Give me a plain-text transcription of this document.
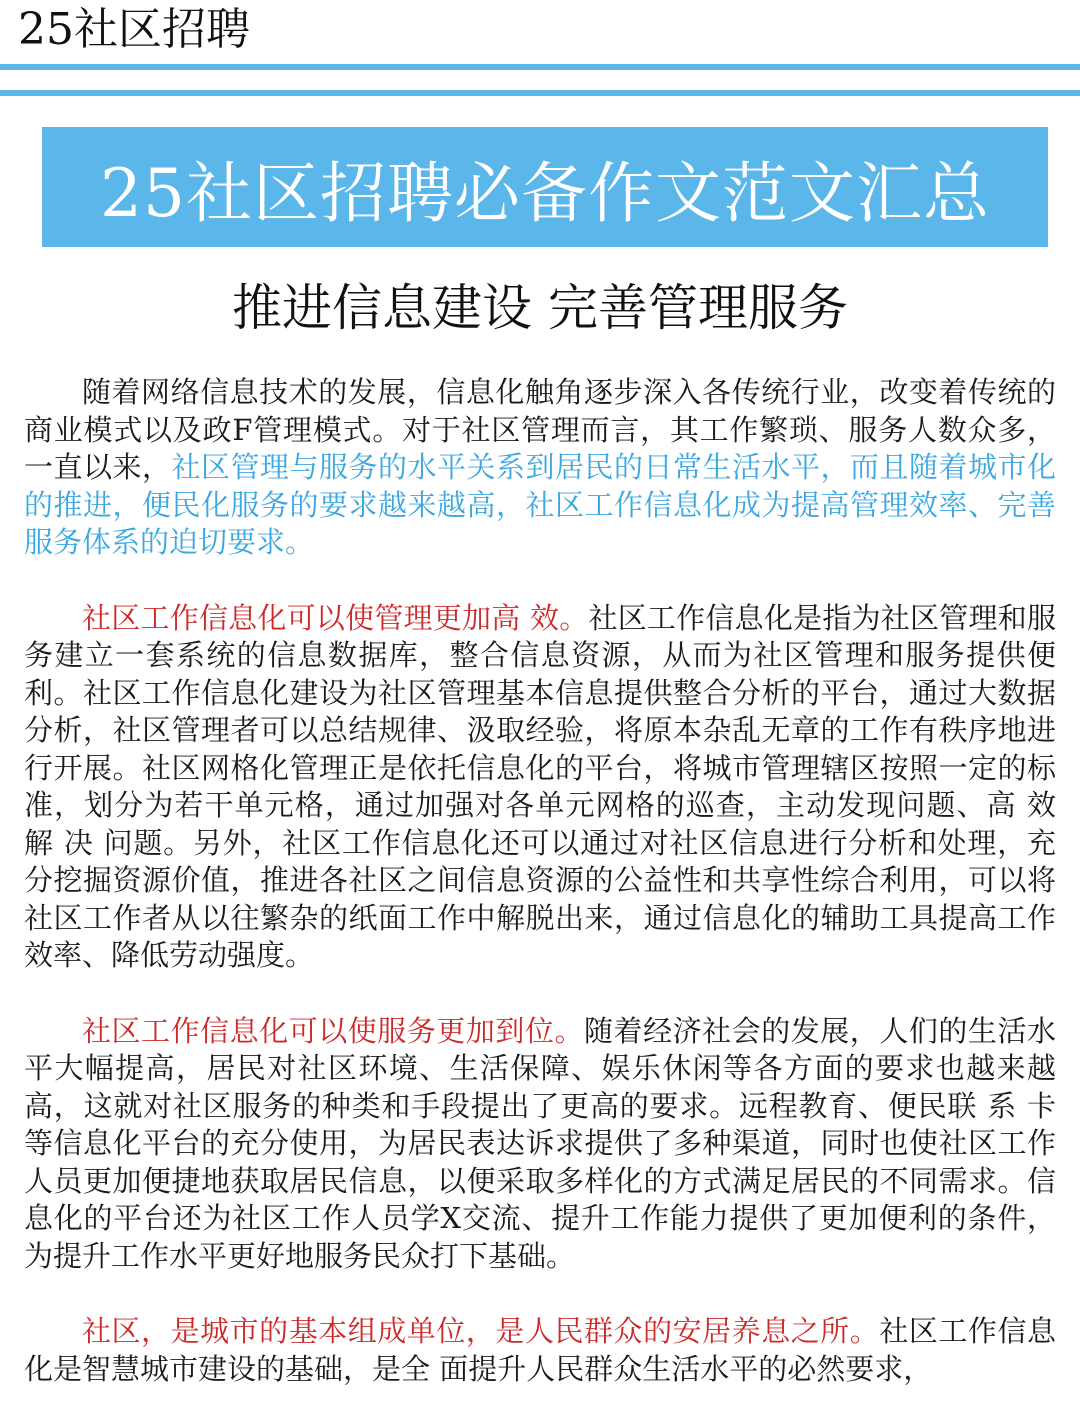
25社区招聘
25社区招聘必备作文范文汇总
推进信息建设 完善管理服务

随着网络信息技术的发展，信息化触角逐步深入各传统行业，改变着传统的商业模式以及政F管理模式。对于社区管理而言，其工作繁琐、服务人数众多，一直以来，社区管理与服务的水平关系到居民的日常生活水平，而且随着城市化的推进，便民化服务的要求越来越高，社区工作信息化成为提高管理效率、完善服务体系的迫切要求。

社区工作信息化可以使管理更加高 效。社区工作信息化是指为社区管理和服务建立一套系统的信息数据库，整合信息资源，从而为社区管理和服务提供便利。社区工作信息化建设为社区管理基本信息提供整合分析的平台，通过大数据分析，社区管理者可以总结规律、汲取经验，将原本杂乱无章的工作有秩序地进行开展。社区网格化管理正是依托信息化的平台，将城市管理辖区按照一定的标准，划分为若干单元格，通过加强对各单元网格的巡查，主动发现问题、高 效 解 决 问题。另外，社区工作信息化还可以通过对社区信息进行分析和处理，充分挖掘资源价值，推进各社区之间信息资源的公益性和共享性综合利用，可以将社区工作者从以往繁杂的纸面工作中解脱出来，通过信息化的辅助工具提高工作效率、降低劳动强度。

社区工作信息化可以使服务更加到位。随着经济社会的发展，人们的生活水平大幅提高，居民对社区环境、生活保障、娱乐休闲等各方面的要求也越来越高，这就对社区服务的种类和手段提出了更高的要求。远程教育、便民联 系 卡等信息化平台的充分使用，为居民表达诉求提供了多种渠道，同时也使社区工作人员更加便捷地获取居民信息，以便采取多样化的方式满足居民的不同需求。信息化的平台还为社区工作人员学X交流、提升工作能力提供了更加便利的条件，为提升工作水平更好地服务民众打下基础。

社区，是城市的基本组成单位，是人民群众的安居养息之所。社区工作信息化是智慧城市建设的基础，是全 面提升人民群众生活水平的必然要求，
